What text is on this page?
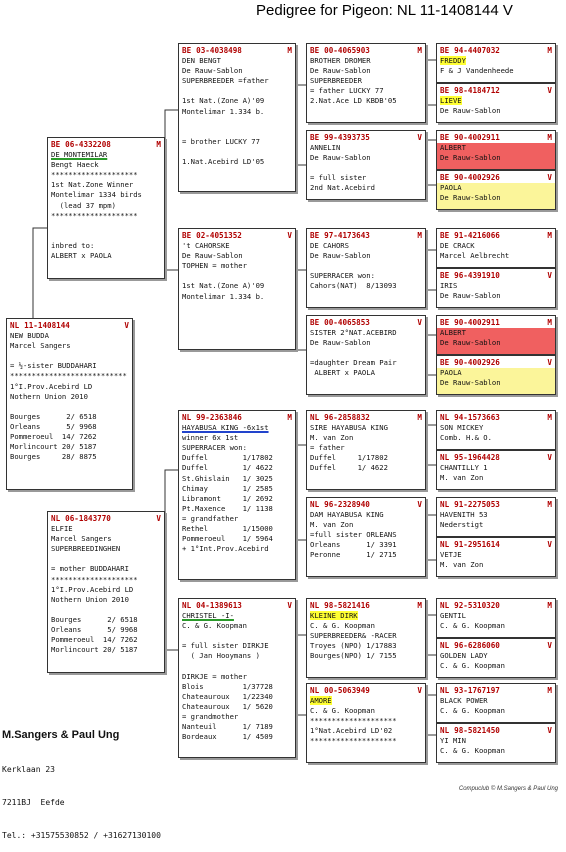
Pedigree for Pigeon: NL 11-1408144 V
NL 11-1408144	V
NEW BUDDA
Marcel Sangers

= ½-sister BUDDAHARI
***************************
1°I.Prov.Acebird LD
Nothern Union 2010

Bourges      2/ 6518
Orleans      5/ 9968
Pommeroeul  14/ 7262
Morlincourt 20/ 5187
Bourges     28/ 8875
BE 06-4332208	M
DE MONTEMILAR
Bengt Haeck
********************
1st Nat.Zone Winner
Montelimar 1334 birds
(lead 37 mpm)
********************

inbred to:
ALBERT x PAOLA
NL 06-1843770	V
ELFIE
Marcel Sangers
SUPERBREEDINGHEN

= mother BUDDAHARI
********************
1°I.Prov.Acebird LD
Nothern Union 2010

Bourges      2/ 6518
Orleans      5/ 9968
Pommeroeul  14/ 7262
Morlincourt 20/ 5187
BE 03-4038498	M
DEN BENGT
De Rauw-Sablon
SUPERBREEDER =father

1st Nat.(Zone A)'09
Montelimar 1.334 b.

= brother LUCKY 77

1.Nat.Acebird LD'05
BE 02-4051352	V
't CAHORSKE
De Rauw-Sablon
TOPHEN = mother

1st Nat.(Zone A)'09
Montelimar 1.334 b.
NL 99-2363846	M
HAYABUSA KING -6x1st
winner 6x 1st
SUPERRACER won:
Duffel        1/17802
Duffel        1/ 4622
St.Ghislain   1/ 3025
Chimay        1/ 2585
Libramont     1/ 2692
Pt.Maxence    1/ 1138
= grandfather
Rethel        1/15000
Pommeroeul    1/ 5964
+ 1°Int.Prov.Acebird
NL 04-1389613	V
CHRISTEL -I-
C. & G. Koopman

= full sister DIRKJE
( Jan Hooymans )

DIRKJE = mother
Blois         1/37728
Chateauroux   1/22340
Chateauroux   1/ 5620
= grandmother
Nanteuil      1/ 7189
Bordeaux      1/ 4509
BE 00-4065903	M
BROTHER DROMER
De Rauw-Sablon
SUPERBREEDER
= father LUCKY 77
2.Nat.Ace LD KBDB'05
BE 99-4393735	V
ANNELIN
De Rauw-Sablon

= full sister
2nd Nat.Acebird
BE 97-4173643	M
DE CAHORS
De Rauw-Sablon

SUPERRACER won:
Cahors(NAT)  8/13093
BE 00-4065853	V
SISTER 2°NAT.ACEBIRD
De Rauw-Sablon

=daughter Dream Pair
ALBERT x PAOLA
NL 96-2858832	M
SIRE HAYABUSA KING
M. van Zon
= father
Duffel     1/17802
Duffel     1/ 4622
NL 96-2328940	V
DAM HAYABUSA KING
M. van Zon
=full sister ORLEANS
Orleans      1/ 3391
Peronne      1/ 2715
NL 98-5821416	M
KLEINE DIRK
C. & G. Koopman
SUPERBREEDER& -RACER
Troyes (NPO) 1/17883
Bourges(NPO) 1/ 7155
NL 00-5063949	V
AMORÉ
C. & G. Koopman
********************
1°Nat.Acebird LD'02
********************
BE 94-4407032	M
FREDDY
F & J Vandenheede
BE 98-4184712	V
LIEVE
De Rauw-Sablon
BE 90-4002911	M
ALBERT
De Rauw-Sablon
BE 90-4002926	V
PAOLA
De Rauw-Sablon
BE 91-4216066	M
DE CRACK
Marcel Aelbrecht
BE 96-4391910	V
IRIS
De Rauw-Sablon
BE 90-4002911	M
ALBERT
De Rauw-Sablon
BE 90-4002926	V
PAOLA
De Rauw-Sablon
NL 94-1573663	M
SON MICKEY
Comb. H.& O.
NL 95-1964428	V
CHANTILLY 1
M. van Zon
NL 91-2275053	M
HAVENITH 53
Nederstigt
NL 91-2951614	V
VETJE
M. van Zon
NL 92-5310320	M
GENTIL
C. & G. Koopman
NL 96-6286060	V
GOLDEN LADY
C. & G. Koopman
NL 93-1767197	M
BLACK POWER
C. & G. Koopman
NL 98-5821450	V
YI MIN
C. & G. Koopman

M.Sangers & Paul Ung

Kerklaan 23

7211BJ  Eefde

Tel.: +31575530852 / +31627130100

Compuclub © M.Sangers & Paul Ung
